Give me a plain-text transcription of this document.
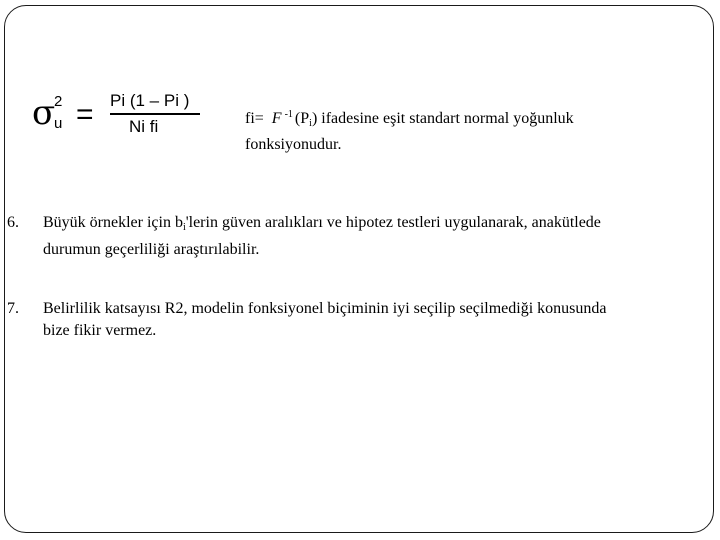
σ
2
u = Pi (1 – Pi )
Ni fi	fi= F $^{-1}$ $(P_i)$ ifadesine eşit standart normal yoğunluk
fonksiyonudur.
6. Büyük örnekler için $b_i'lerin$ güven aralıkları ve hipotez testleri uygulanarak, anakütlede
durumun geçerliliği araştırılabilir.
7. Belirlilik katsayısı R2, modelin fonksiyonel biçiminin iyi seçilip seçilmediği konusunda
bize fikir vermez.
